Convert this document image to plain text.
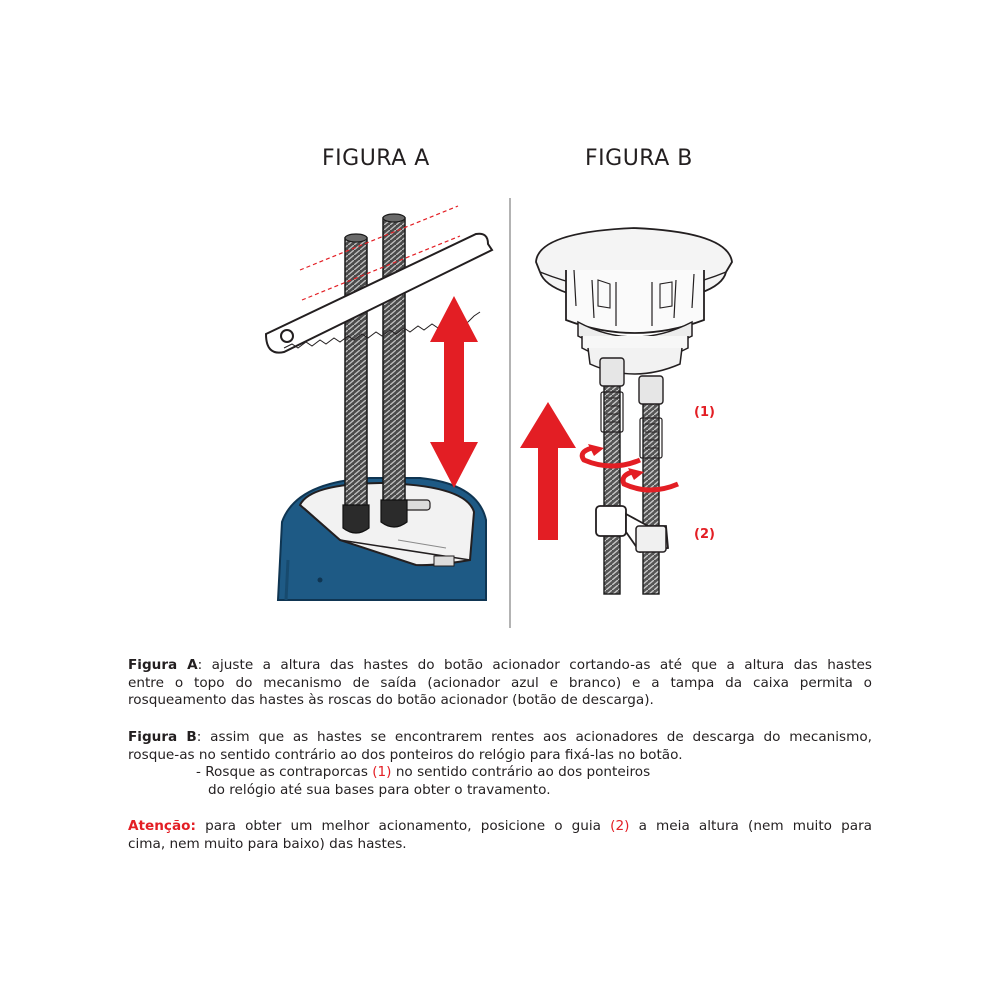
FIGURA A	FIGURA B
(1)
(2)
Figura A: ajuste a altura das hastes do botão acionador cortando-as até que a altura das hastes
entre o topo do mecanismo de saída (acionador azul e branco) e a tampa da caixa permita o
rosqueamento das hastes às roscas do botão acionador (botão de descarga).
Figura B: assim que as hastes se encontrarem rentes aos acionadores de descarga do mecanismo,
rosque-as no sentido contrário ao dos ponteiros do relógio para fixá-las no botão.
- Rosque as contraporcas (1) no sentido contrário ao dos ponteiros
do relógio até sua bases para obter o travamento.
Atenção: para obter um melhor acionamento, posicione o guia (2) a meia altura (nem muito para
cima, nem muito para baixo) das hastes.
